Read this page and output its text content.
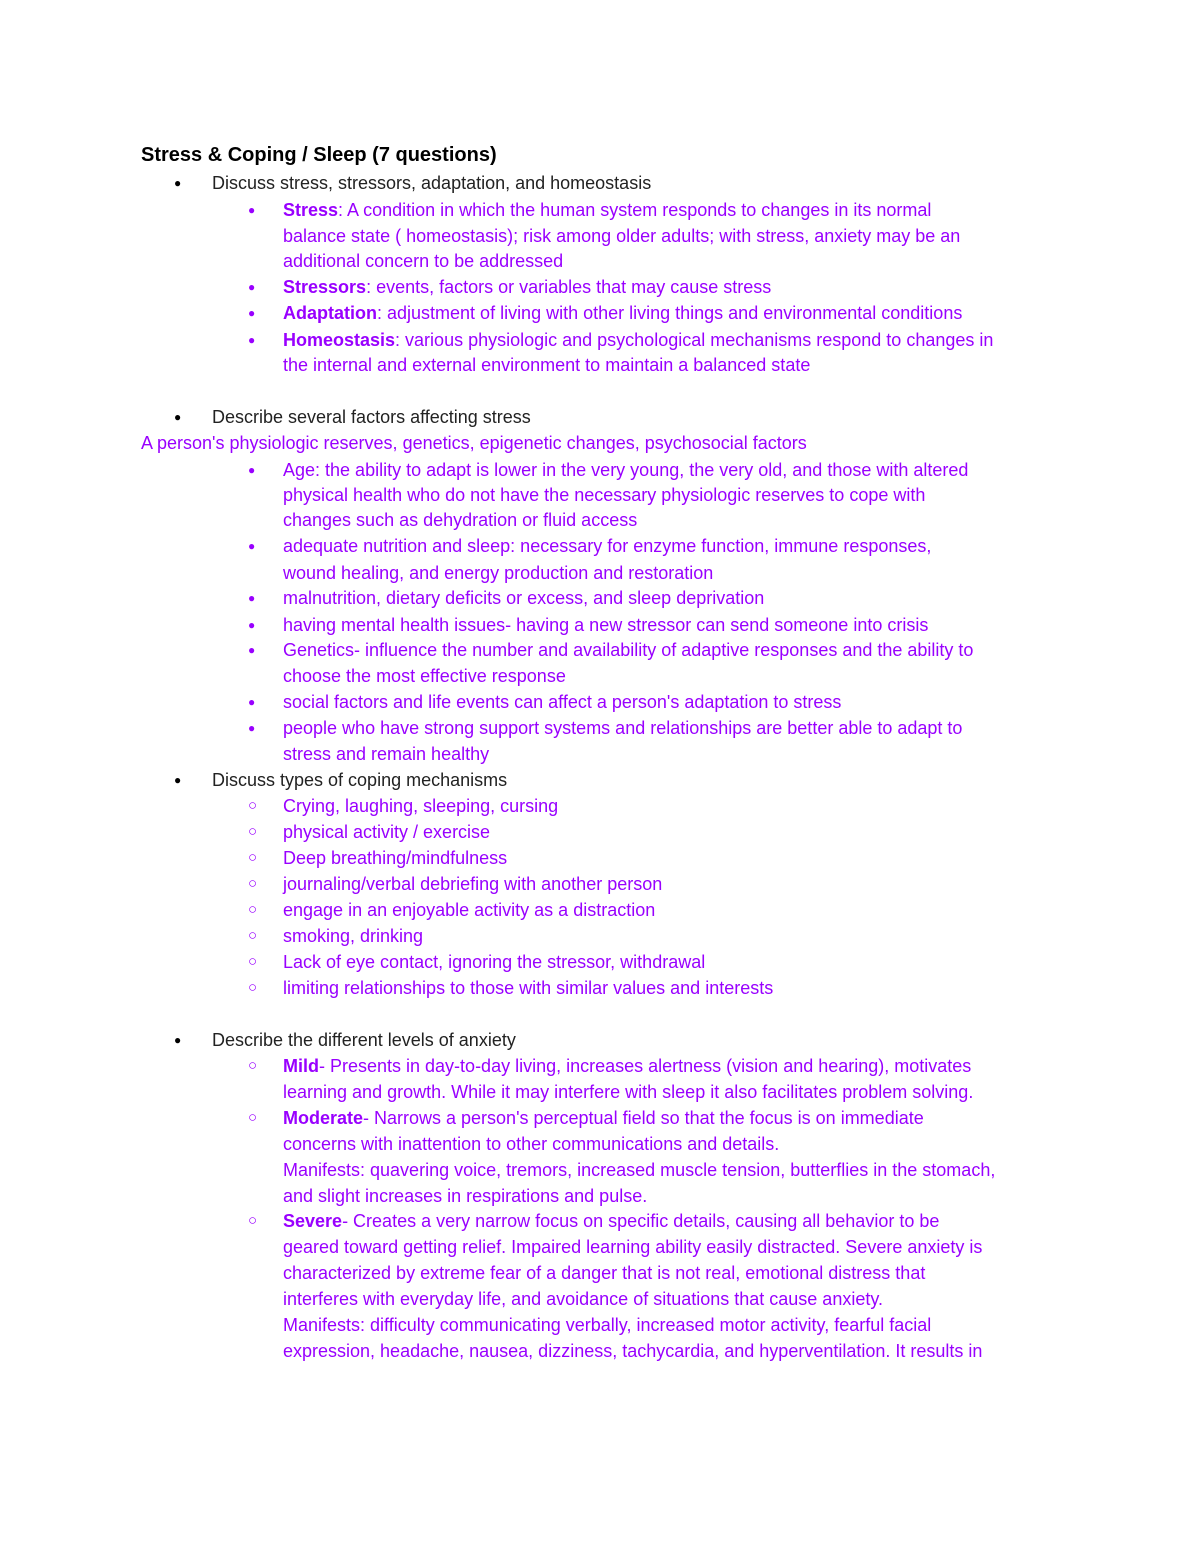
Stress & Coping / Sleep (7 questions)
● Discuss stress, stressors, adaptation, and homeostasis
● Stress: A condition in which the human system responds to changes in its normal
balance state ( homeostasis); risk among older adults; with stress, anxiety may be an
additional concern to be addressed
● Stressors: events, factors or variables that may cause stress
● Adaptation: adjustment of living with other living things and environmental conditions
● Homeostasis: various physiologic and psychological mechanisms respond to changes in
the internal and external environment to maintain a balanced state
● Describe several factors affecting stress
A person's physiologic reserves, genetics, epigenetic changes, psychosocial factors
● Age: the ability to adapt is lower in the very young, the very old, and those with altered
physical health who do not have the necessary physiologic reserves to cope with
changes such as dehydration or fluid access
● adequate nutrition and sleep: necessary for enzyme function, immune responses,
wound healing, and energy production and restoration
● malnutrition, dietary deficits or excess, and sleep deprivation
● having mental health issues- having a new stressor can send someone into crisis
● Genetics- influence the number and availability of adaptive responses and the ability to
choose the most effective response
● social factors and life events can affect a person's adaptation to stress
● people who have strong support systems and relationships are better able to adapt to
stress and remain healthy
● Discuss types of coping mechanisms
○ Crying, laughing, sleeping, cursing
○ physical activity / exercise
○ Deep breathing/mindfulness
○ journaling/verbal debriefing with another person
○ engage in an enjoyable activity as a distraction
○ smoking, drinking
○ Lack of eye contact, ignoring the stressor, withdrawal
○ limiting relationships to those with similar values and interests
● Describe the different levels of anxiety
○ Mild- Presents in day-to-day living, increases alertness (vision and hearing), motivates
learning and growth. While it may interfere with sleep it also facilitates problem solving.
○ Moderate- Narrows a person's perceptual field so that the focus is on immediate
concerns with inattention to other communications and details.
Manifests: quavering voice, tremors, increased muscle tension, butterflies in the stomach,
and slight increases in respirations and pulse.
○ Severe- Creates a very narrow focus on specific details, causing all behavior to be
geared toward getting relief. Impaired learning ability easily distracted. Severe anxiety is
characterized by extreme fear of a danger that is not real, emotional distress that
interferes with everyday life, and avoidance of situations that cause anxiety.
Manifests: difficulty communicating verbally, increased motor activity, fearful facial
expression, headache, nausea, dizziness, tachycardia, and hyperventilation. It results in
